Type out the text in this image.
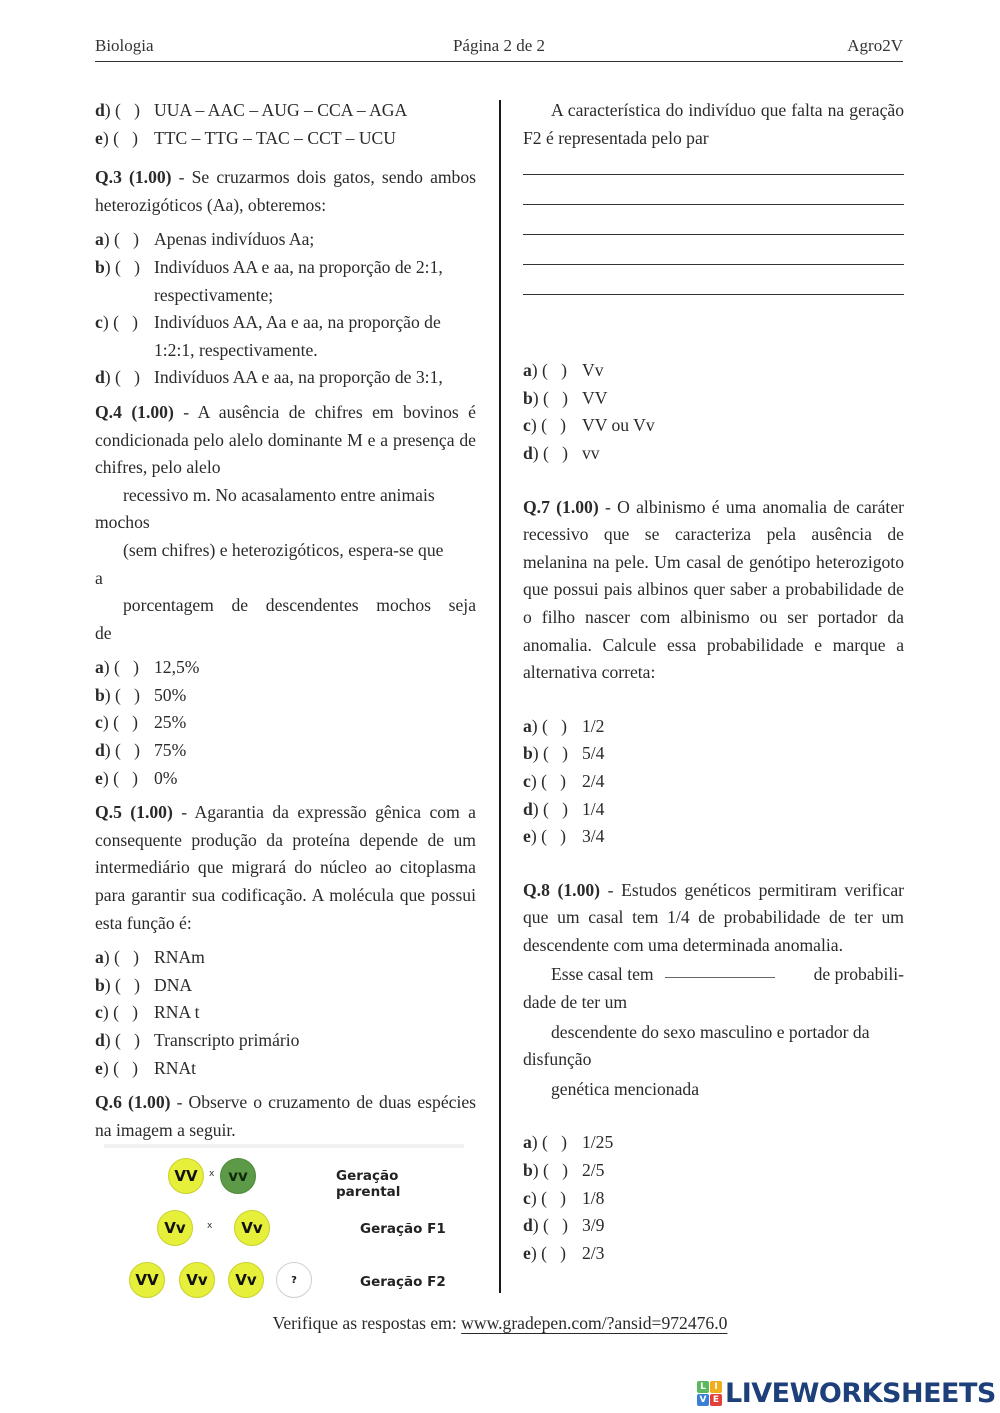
Biologia	Página 2 de 2	Agro2V
d) (   ) UUA – AAC – AUG – CCA – AGA
e) (   ) TTC – TTG – TAC – CCT – UCU

Q.3 (1.00) - Se cruzarmos dois gatos, sendo ambos heterozigóticos (Aa), obteremos:

a) (   ) Apenas indivíduos Aa;
b) (   ) Indivíduos AA e aa, na proporção de 2:1, respectivamente;
c) (   ) Indivíduos AA, Aa e aa, na proporção de 1:2:1, respectivamente.
d) (   ) Indivíduos AA e aa, na proporção de 3:1,

Q.4 (1.00) - A ausência de chifres em bovinos é condicionada pelo alelo dominante M e a presença de chifres, pelo alelo

recessivo m. No acasalamento entre animais

mochos

(sem chifres) e heterozigóticos, espera-se que

a

porcentagem de descendentes mochos seja

de

a) (   ) 12,5%
b) (   ) 50%
c) (   ) 25%
d) (   ) 75%
e) (   ) 0%

Q.5 (1.00) - Agarantia da expressão gênica com a consequente produção da proteína depende de um intermediário que migrará do núcleo ao citoplasma para garantir sua codificação. A molécula que possui esta função é:

a) (   ) RNAm
b) (   ) DNA
c) (   ) RNA t
d) (   ) Transcripto primário
e) (   ) RNAt

Q.6 (1.00) - Observe o cruzamento de duas espécies na imagem a seguir.

VV	x vv	Geração parental
Vv	x	Vv	Geração F1
VV	Vv	Vv	?	Geração F2

A característica do indivíduo que falta na geração F2 é representada pelo par

a) (   ) Vv
b) (   ) VV
c) (   ) VV ou Vv
d) (   ) vv

Q.7 (1.00) - O albinismo é uma anomalia de caráter recessivo que se caracteriza pela ausência de melanina na pele. Um casal de genótipo heterozigoto que possui pais albinos quer saber a probabilidade de o filho nascer com albinismo ou ser portador da anomalia. Calcule essa probabilidade e marque a alternativa correta:

a) (   ) 1/2
b) (   ) 5/4
c) (   ) 2/4
d) (   ) 1/4
e) (   ) 3/4

Q.8 (1.00) - Estudos genéticos permitiram verificar que um casal tem 1/4 de probabilidade de ter um descendente com uma determinada anomalia.

Esse casal tem	de probabili-

dade de ter um

descendente do sexo masculino e portador da

disfunção

genética mencionada

a) (   ) 1/25
b) (   ) 2/5
c) (   ) 1/8
d) (   ) 3/9
e) (   ) 2/3
Verifique as respostas em: www.gradepen.com/?ansid=972476.0
L I
V E LIVEWORKSHEETS
